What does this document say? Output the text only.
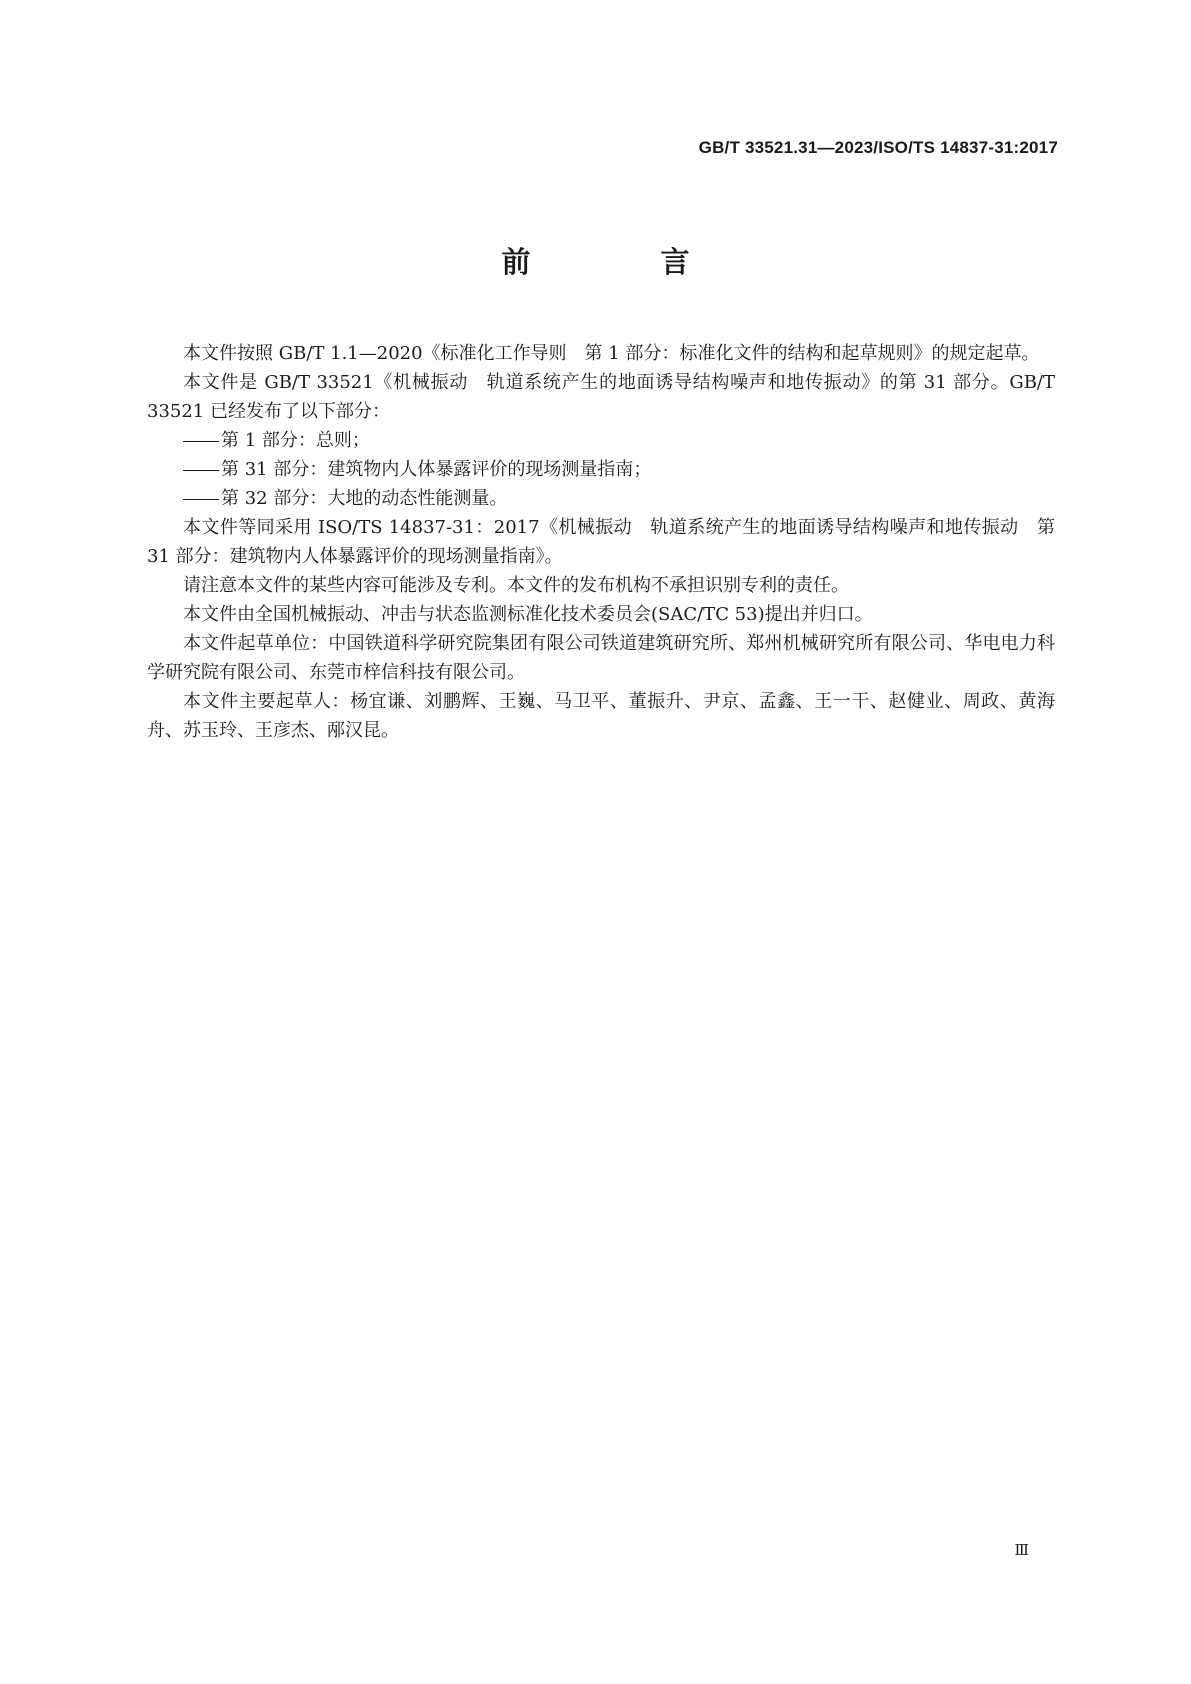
GB/T 33521.31—2023/ISO/TS 14837-31:2017
前 言

本文件按照 GB/T 1.1—2020《标准化工作导则　第 1 部分：标准化文件的结构和起草规则》的规定起草。

本文件是 GB/T 33521《机械振动　轨道系统产生的地面诱导结构噪声和地传振动》的第 31 部分。GB/T 33521 已经发布了以下部分：

第 1 部分：总则；

第 31 部分：建筑物内人体暴露评价的现场测量指南；

第 32 部分：大地的动态性能测量。

本文件等同采用 ISO/TS 14837-31：2017《机械振动　轨道系统产生的地面诱导结构噪声和地传振动　第 31 部分：建筑物内人体暴露评价的现场测量指南》。

请注意本文件的某些内容可能涉及专利。本文件的发布机构不承担识别专利的责任。

本文件由全国机械振动、冲击与状态监测标准化技术委员会(SAC/TC 53)提出并归口。

本文件起草单位：中国铁道科学研究院集团有限公司铁道建筑研究所、郑州机械研究所有限公司、华电电力科学研究院有限公司、东莞市梓信科技有限公司。

本文件主要起草人：杨宜谦、刘鹏辉、王巍、马卫平、董振升、尹京、孟鑫、王一干、赵健业、周政、黄海舟、苏玉玲、王彦杰、邴汉昆。

Ⅲ
